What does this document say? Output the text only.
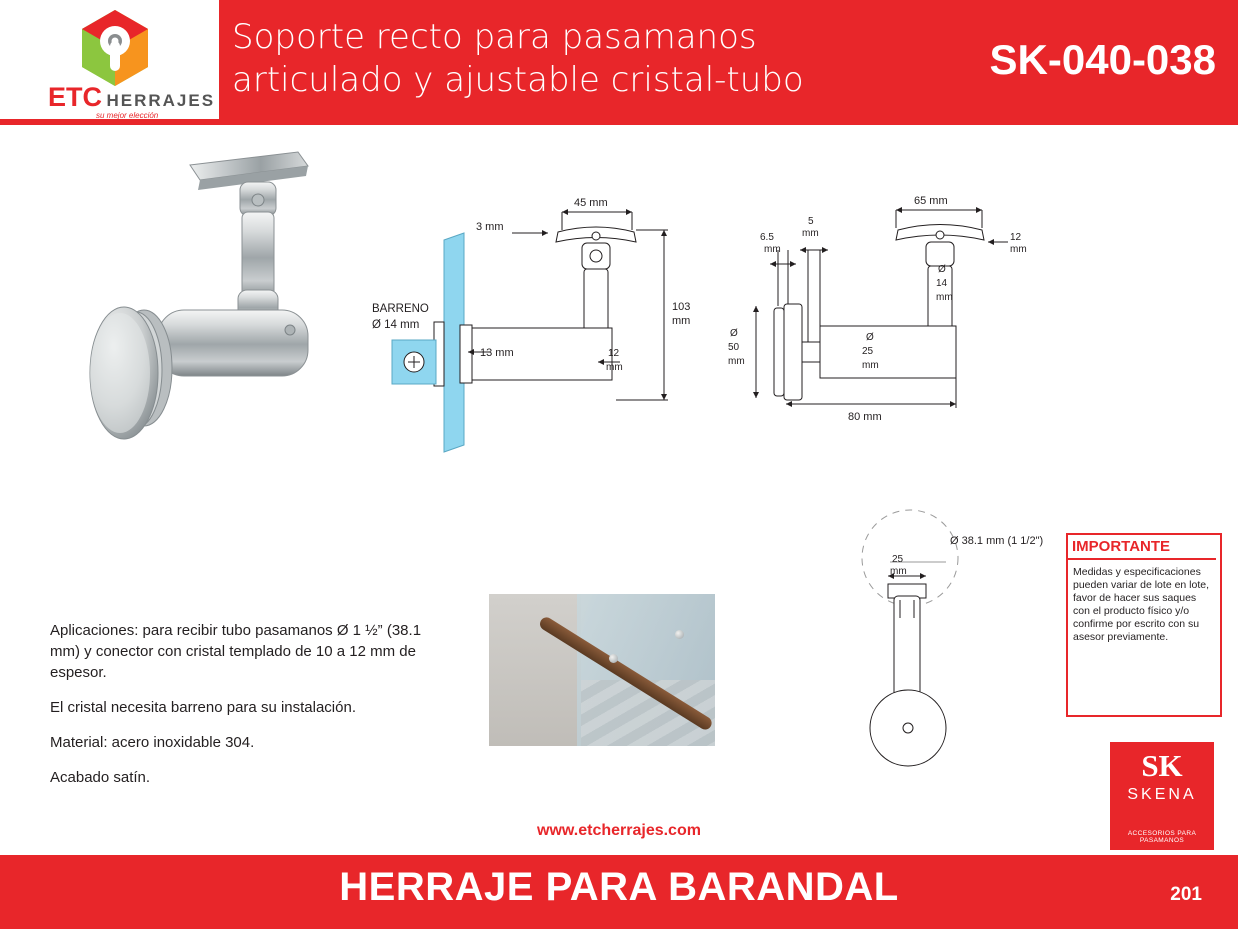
ETC HERRAJES
su mejor elección
Soporte recto para pasamanos
articulado y ajustable cristal-tubo	SK-040-038
45 mm
3 mm
103
mm
13 mm	12
mm
BARRENO
Ø 14 mm
65 mm
12
mm
5
mm
6.5
mm
Ø
14
mm
Ø
50
mm
Ø
25
mm
80 mm
Ø 38.1 mm (1 1/2")
25
mm

Aplicaciones: para recibir tubo pasamanos Ø 1 ½” (38.1 mm) y conector con cristal templado de 10 a 12 mm de espesor.

El cristal necesita barreno para su instalación.

Material: acero inoxidable 304.

Acabado satín.

IMPORTANTE
Medidas y especificaciones pueden variar de lote en lote, favor de hacer sus saques con el producto físico y/o confirme por escrito con su asesor previamente.
SK
SKENA
ACCESORIOS PARA PASAMANOS
www.etcherrajes.com
HERRAJE PARA BARANDAL	201
